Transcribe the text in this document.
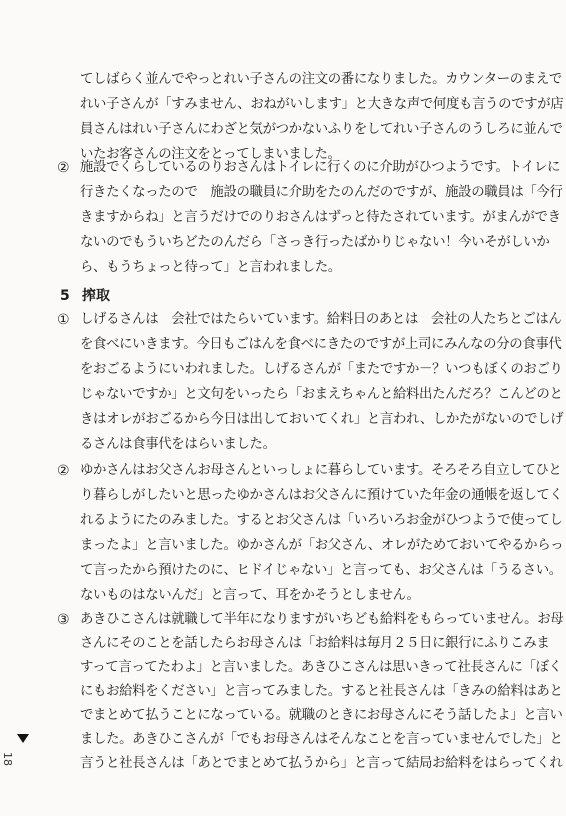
てしばらく並んでやっとれい子さんの注文の番になりました。カウンターのまえで
れい子さんが「すみません、おねがいします」と大きな声で何度も言うのですが店
員さんはれい子さんにわざと気がつかないふりをしてれい子さんのうしろに並んで
いたお客さんの注文をとってしまいました。
② 施設でくらしているのりおさんはトイレに行くのに介助がひつようです。トイレに
行きたくなったので　施設の職員に介助をたのんだのですが、施設の職員は「今行
きますからね」と言うだけでのりおさんはずっと待たされています。がまんができ
ないのでもういちどたのんだら「さっき行ったばかりじゃない！今いそがしいか
ら、もうちょっと待って」と言われました。
5 搾取
① しげるさんは　会社ではたらいています。給料日のあとは　会社の人たちとごはん
を食べにいきます。今日もごはんを食べにきたのですが上司にみんなの分の食事代
をおごるようにいわれました。しげるさんが「またですか－？いつもぼくのおごり
じゃないですか」と文句をいったら「おまえちゃんと給料出たんだろ？こんどのと
きはオレがおごるから今日は出しておいてくれ」と言われ、しかたがないのでしげ
るさんは食事代をはらいました。
② ゆかさんはお父さんお母さんといっしょに暮らしています。そろそろ自立してひと
り暮らしがしたいと思ったゆかさんはお父さんに預けていた年金の通帳を返してく
れるようにたのみました。するとお父さんは「いろいろお金がひつようで使ってし
まったよ」と言いました。ゆかさんが「お父さん、オレがためておいてやるからっ
て言ったから預けたのに、ヒドイじゃない」と言っても、お父さんは「うるさい。
ないものはないんだ」と言って、耳をかそうとしません。
③ あきひこさんは就職して半年になりますがいちども給料をもらっていません。お母
さんにそのことを話したらお母さんは「お給料は毎月２５日に銀行にふりこみま
すって言ってたわよ」と言いました。あきひこさんは思いきって社長さんに「ぼく
にもお給料をください」と言ってみました。すると社長さんは「きみの給料はあと
でまとめて払うことになっている。就職のときにお母さんにそう話したよ」と言い
ました。あきひこさんが「でもお母さんはそんなことを言っていませんでした」と
言うと社長さんは「あとでまとめて払うから」と言って結局お給料をはらってくれ
18
